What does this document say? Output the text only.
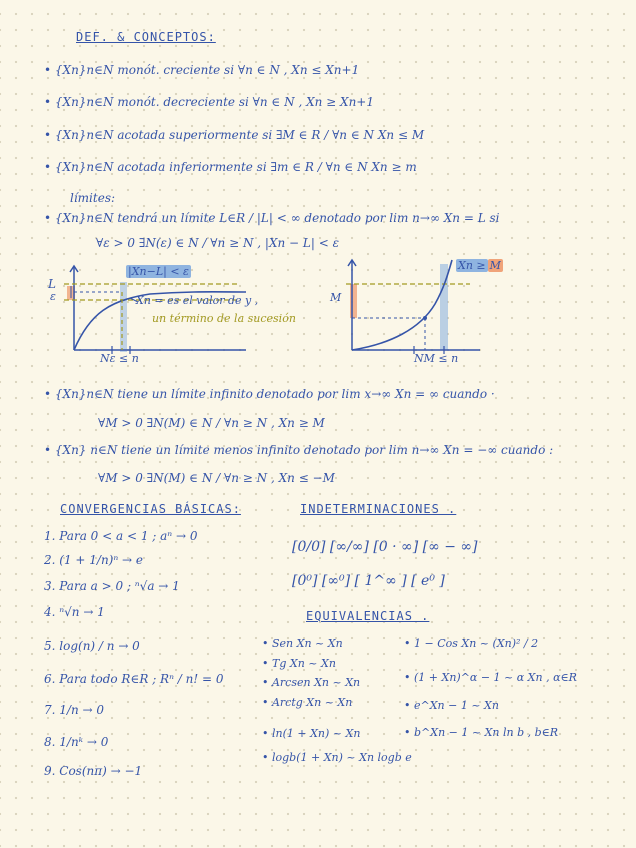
DEF. & CONCEPTOS:
• {Xn}n∈N monót. creciente si ∀n ∈ N , Xn ≤ Xn+1
• {Xn}n∈N monót. decreciente si ∀n ∈ N , Xn ≥ Xn+1
• {Xn}n∈N acotada superiormente si ∃M ∈ R / ∀n ∈ N Xn ≤ M
• {Xn}n∈N acotada inferiormente si ∃m ∈ R / ∀n ∈ N Xn ≥ m
límites:
• {Xn}n∈N tendrá un límite L∈R / |L| < ∞ denotado por lim n→∞ Xn = L si
∀ε > 0 ∃N(ε) ∈ N / ∀n ≥ N , |Xn − L| < ε
L
ε
|Xn−L| < ε
Xn = es el valor de y ,
un término de la sucesión
Nε ≤ n
M
Xn ≥ M
NM ≤ n
• {Xn}n∈N tiene un límite infinito denotado por lim x→∞ Xn = ∞ cuando ·
∀M > 0 ∃N(M) ∈ N / ∀n ≥ N , Xn ≥ M
• {Xn} n∈N tiene un límite menos infinito denotado por lim n→∞ Xn = −∞ cuando :
∀M > 0 ∃N(M) ∈ N / ∀n ≥ N , Xn ≤ −M
CONVERGENCIAS BÁSICAS:
1. Para 0 < a < 1 ; aⁿ → 0
2. (1 + 1/n)ⁿ → e
3. Para a > 0 ; ⁿ√a → 1
4. ⁿ√n → 1
5. log(n) / n → 0
6. Para todo R∈R ; Rⁿ / n! = 0
7. 1/n → 0
8. 1/nᵏ → 0
9. Cos(nπ) → −1
INDETERMINACIONES .
[0/0] [∞/∞] [0 · ∞] [∞ − ∞]
[0⁰] [∞⁰] [ 1^∞ ] [ e⁰ ]
EQUIVALENCIAS .
• Sen Xn ~ Xn
• Tg Xn ~ Xn
• Arcsen Xn ~ Xn
• Arctg Xn ~ Xn
• ln(1 + Xn) ~ Xn
• logb(1 + Xn) ~ Xn logb e
• 1 − Cos Xn ~ (Xn)² / 2
• (1 + Xn)^α − 1 ~ α Xn , α∈R
• e^Xn − 1 ~ Xn
• b^Xn − 1 ~ Xn ln b , b∈R
